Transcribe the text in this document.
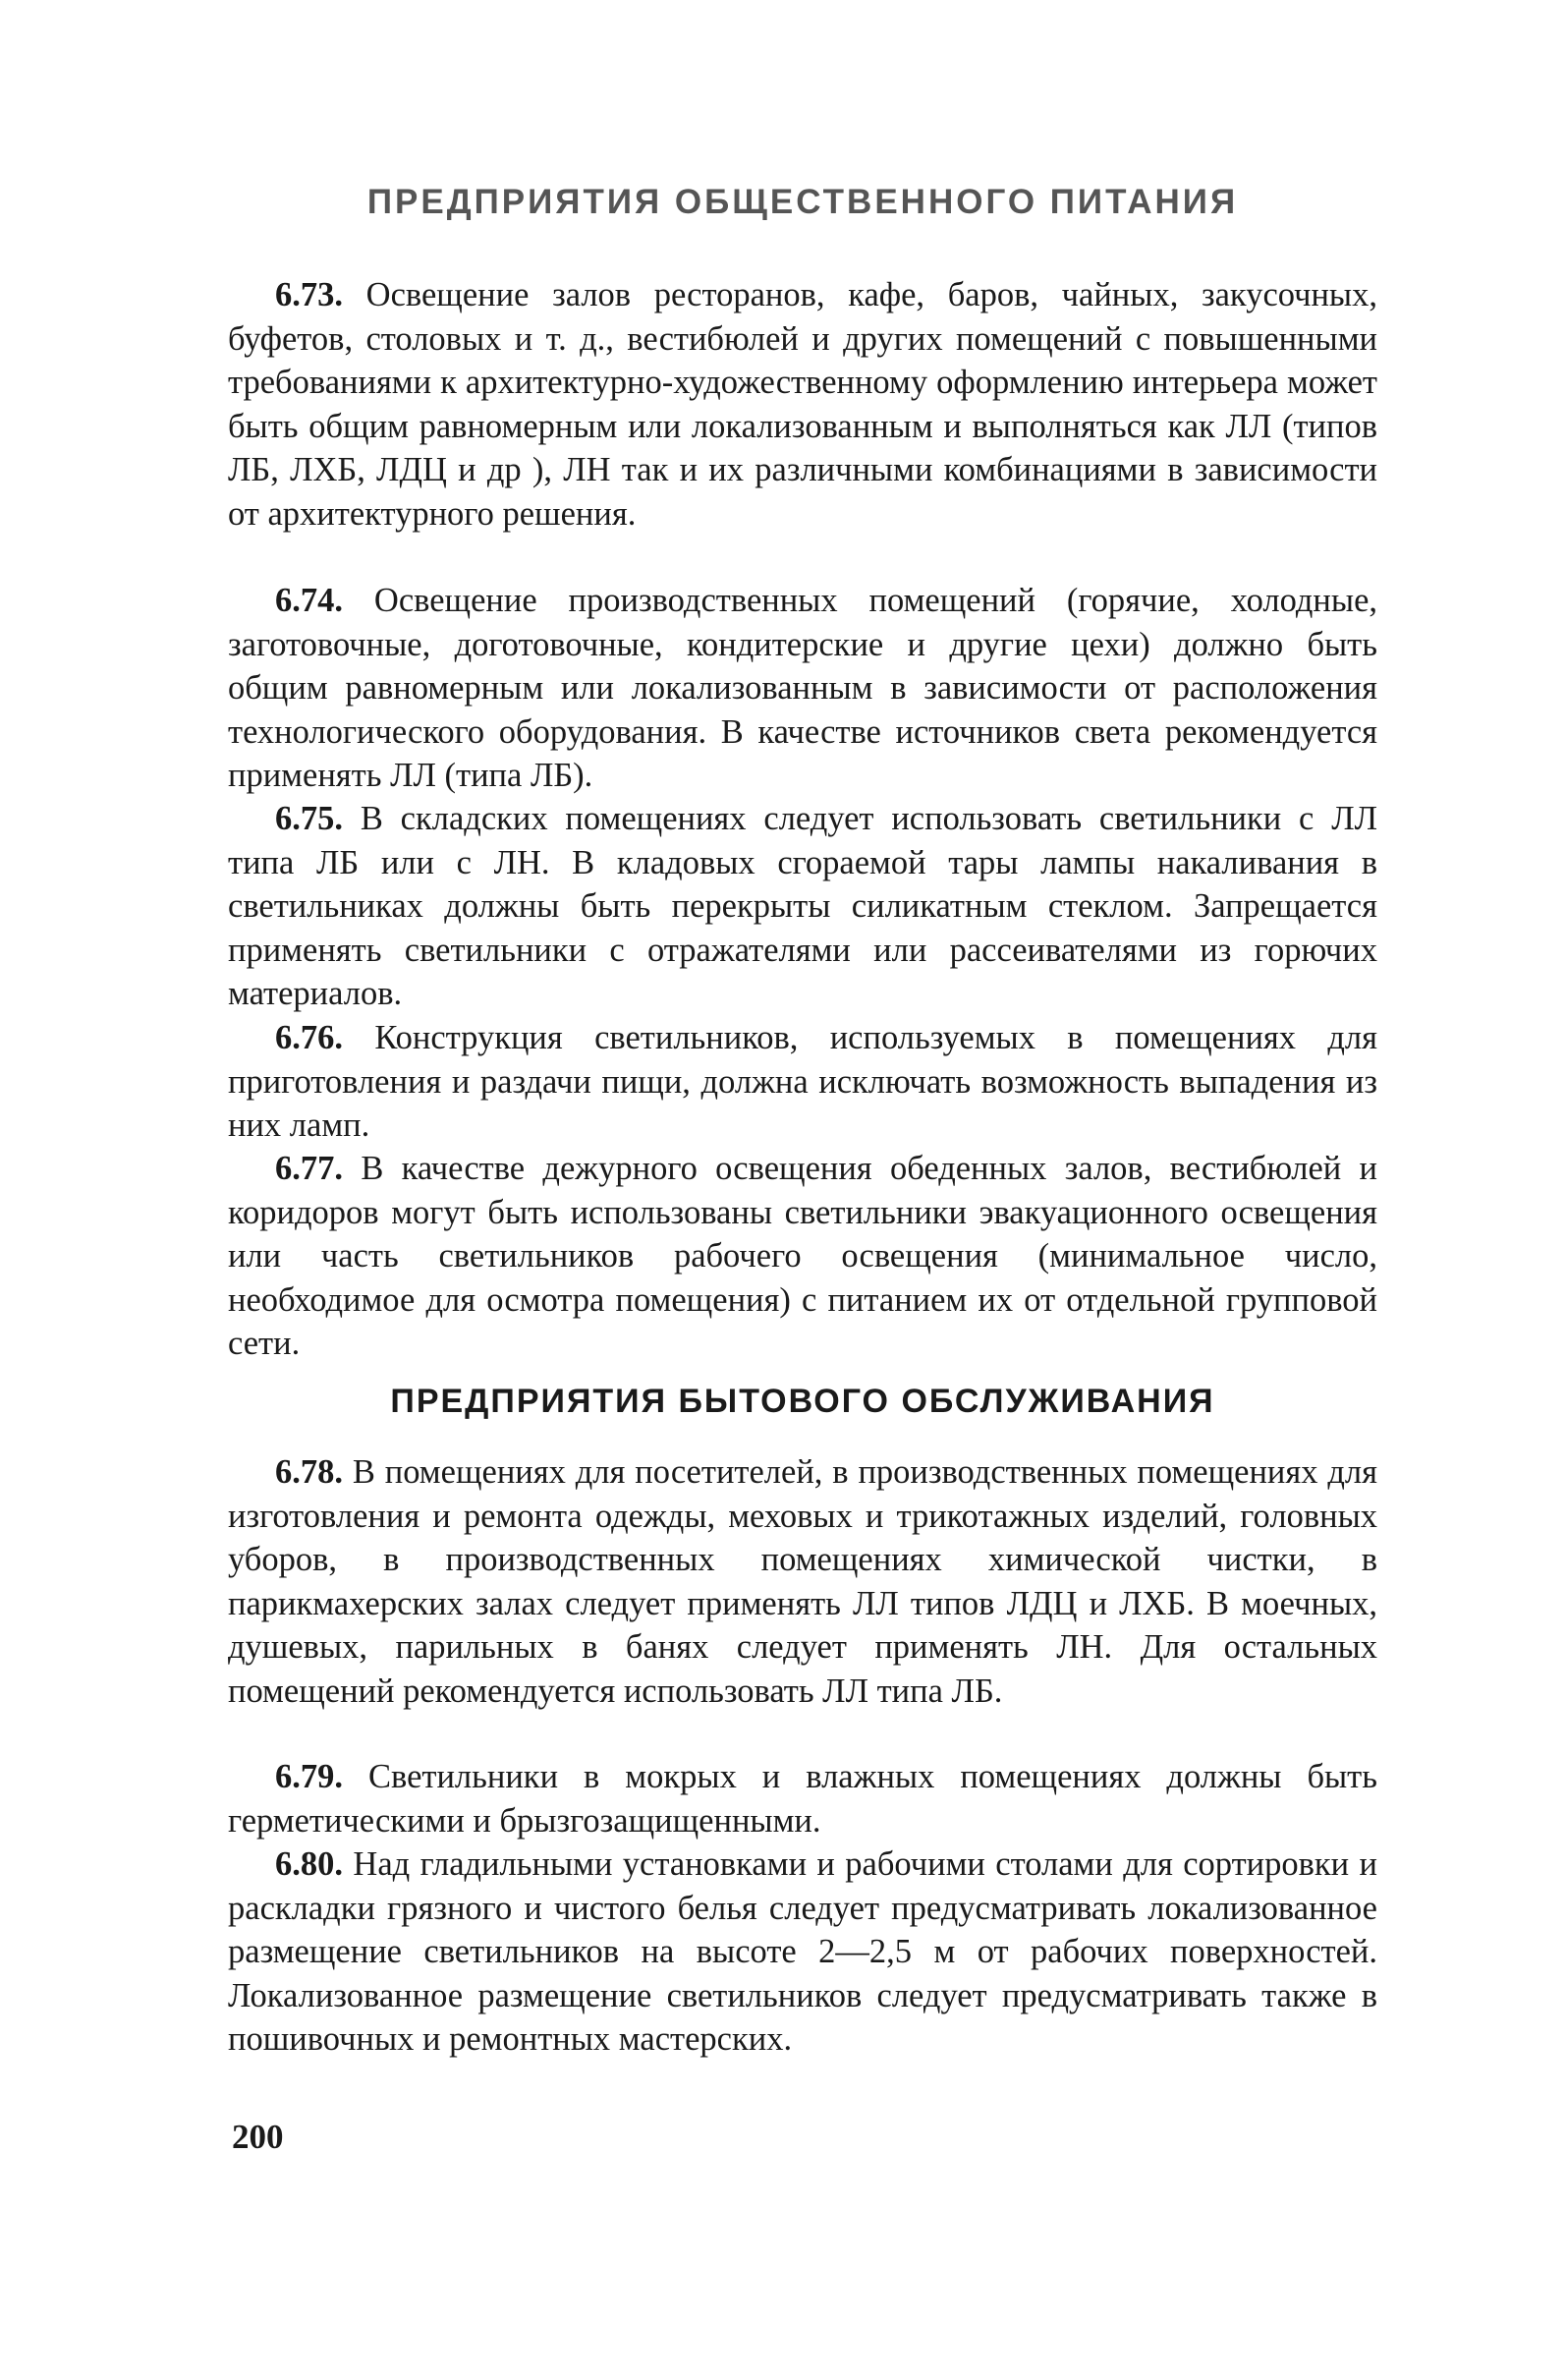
ПРЕДПРИЯТИЯ ОБЩЕСТВЕННОГО ПИТАНИЯ

6.73. Освещение залов ресторанов, кафе, баров, чайных, закусочных, буфетов, столовых и т. д., вестибюлей и других помещений с повышенными требованиями к архитектурно-художественному оформлению интерьера может быть общим равномерным или локализованным и выполняться как ЛЛ (типов ЛБ, ЛХБ, ЛДЦ и др ), ЛН так и их различными комбинациями в зависимости от архитектурного решения.

6.74. Освещение производственных помещений (горячие, холодные, заготовочные, доготовочные, кондитерские и другие цехи) должно быть общим равномерным или локализованным в зависимости от расположения технологического оборудования. В качестве источников света рекомендуется применять ЛЛ (типа ЛБ).

6.75. В складских помещениях следует использовать светильники с ЛЛ типа ЛБ или с ЛН. В кладовых сгораемой тары лампы накаливания в светильниках должны быть перекрыты силикатным стеклом. Запрещается применять светильники с отражателями или рассеивателями из горючих материалов.

6.76. Конструкция светильников, используемых в помещениях для приготовления и раздачи пищи, должна исключать возможность выпадения из них ламп.

6.77. В качестве дежурного освещения обеденных залов, вестибюлей и коридоров могут быть использованы светильники эвакуационного освещения или часть светильников рабочего освещения (минимальное число, необходимое для осмотра помещения) с питанием их от отдельной групповой сети.

ПРЕДПРИЯТИЯ БЫТОВОГО ОБСЛУЖИВАНИЯ

6.78. В помещениях для посетителей, в производственных помещениях для изготовления и ремонта одежды, меховых и трикотажных изделий, головных уборов, в производственных помещениях химической чистки, в парикмахерских залах следует применять ЛЛ типов ЛДЦ и ЛХБ. В моечных, душевых, парильных в банях следует применять ЛН. Для остальных помещений рекомендуется использовать ЛЛ типа ЛБ.

6.79. Светильники в мокрых и влажных помещениях должны быть герметическими и брызгозащищенными.

6.80. Над гладильными установками и рабочими столами для сортировки и раскладки грязного и чистого белья следует предусматривать локализованное размещение светильников на высоте 2—2,5 м от рабочих поверхностей. Локализованное размещение светильников следует предусматривать также в пошивочных и ремонтных мастерских.

200
